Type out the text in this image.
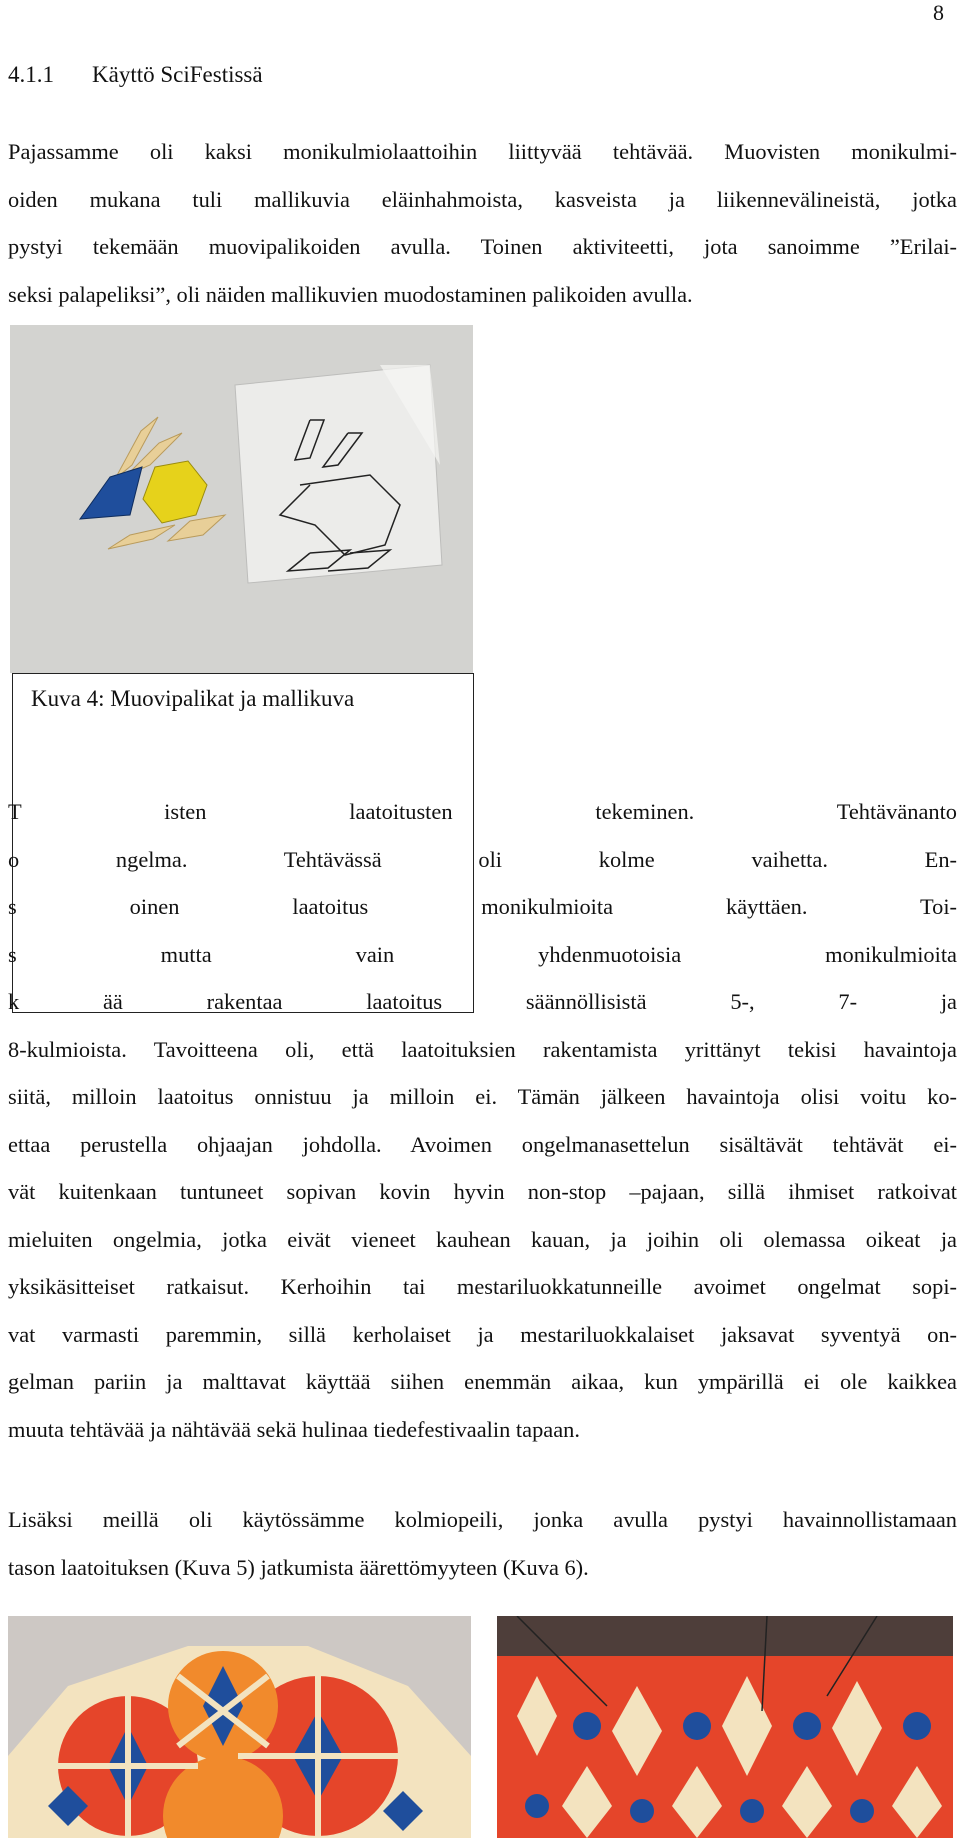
8
4.1.1 Käyttö SciFestissä
Pajassamme oli kaksi monikulmiolaattoihin liittyvää tehtävää. Muovisten monikulmi-
oiden mukana tuli mallikuvia eläinhahmoista, kasveista ja liikennevälineistä, jotka
pystyi tekemään muovipalikoiden avulla. Toinen aktiviteetti, jota sanoimme ”Erilai-
seksi palapeliksi”, oli näiden mallikuvien muodostaminen palikoiden avulla.
Kuva 4: Muovipalikat ja mallikuva
T isten laatoitusten tekeminen. Tehtävänanto
o ngelma. Tehtävässä oli kolme vaihetta. En-
s oinen laatoitus monikulmioita käyttäen. Toi-
s mutta vain yhdenmuotoisia monikulmioita
k ää rakentaa laatoitus säännöllisistä 5-, 7- ja
8-kulmioista. Tavoitteena oli, että laatoituksien rakentamista yrittänyt tekisi havaintoja
siitä, milloin laatoitus onnistuu ja milloin ei. Tämän jälkeen havaintoja olisi voitu ko-
ettaa perustella ohjaajan johdolla. Avoimen ongelmanasettelun sisältävät tehtävät ei-
vät kuitenkaan tuntuneet sopivan kovin hyvin non-stop –pajaan, sillä ihmiset ratkoivat
mieluiten ongelmia, jotka eivät vieneet kauhean kauan, ja joihin oli olemassa oikeat ja
yksikäsitteiset ratkaisut. Kerhoihin tai mestariluokkatunneille avoimet ongelmat sopi-
vat varmasti paremmin, sillä kerholaiset ja mestariluokkalaiset jaksavat syventyä on-
gelman pariin ja malttavat käyttää siihen enemmän aikaa, kun ympärillä ei ole kaikkea
muuta tehtävää ja nähtävää sekä hulinaa tiedefestivaalin tapaan.
Lisäksi meillä oli käytössämme kolmiopeili, jonka avulla pystyi havainnollistamaan
tason laatoituksen (Kuva 5) jatkumista äärettömyyteen (Kuva 6).
